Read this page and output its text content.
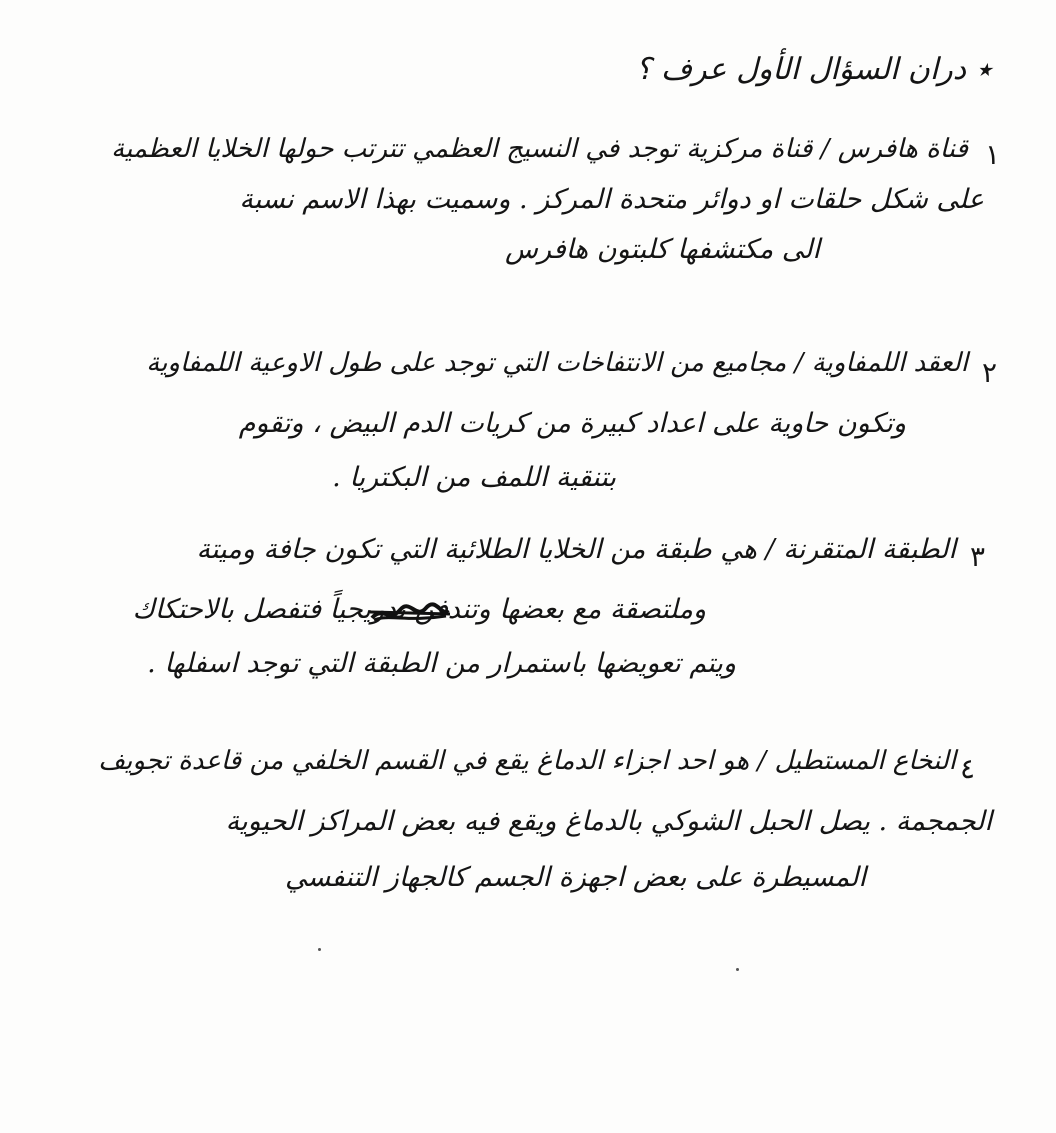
٭ دران السؤال الأول عرف ؟
١
قناة هافرس / قناة مركزية توجد في النسيج العظمي تترتب حولها الخلايا العظمية
على شكل حلقات او دوائر متحدة المركز . وسميت بهذا الاسم نسبة
الى مكتشفها كلبتون هافرس
٢
العقد اللمفاوية / مجاميع من الانتفاخات التي توجد على طول الاوعية اللمفاوية
وتكون حاوية على اعداد كبيرة من كريات الدم البيض ، وتقوم
بتنقية اللمف من البكتريا .
٣
الطبقة المتقرنة / هي طبقة من الخلايا الطلائية التي تكون جافة وميتة
وملتصقة مع بعضها وتندفن تدريجياً فتفصل بالاحتكاك
ويتم تعويضها باستمرار من الطبقة التي توجد اسفلها .
٤
النخاع المستطيل / هو احد اجزاء الدماغ يقع في القسم الخلفي من قاعدة تجويف
الجمجمة . يصل الحبل الشوكي بالدماغ ويقع فيه بعض المراكز الحيوية
المسيطرة على بعض اجهزة الجسم كالجهاز التنفسي
